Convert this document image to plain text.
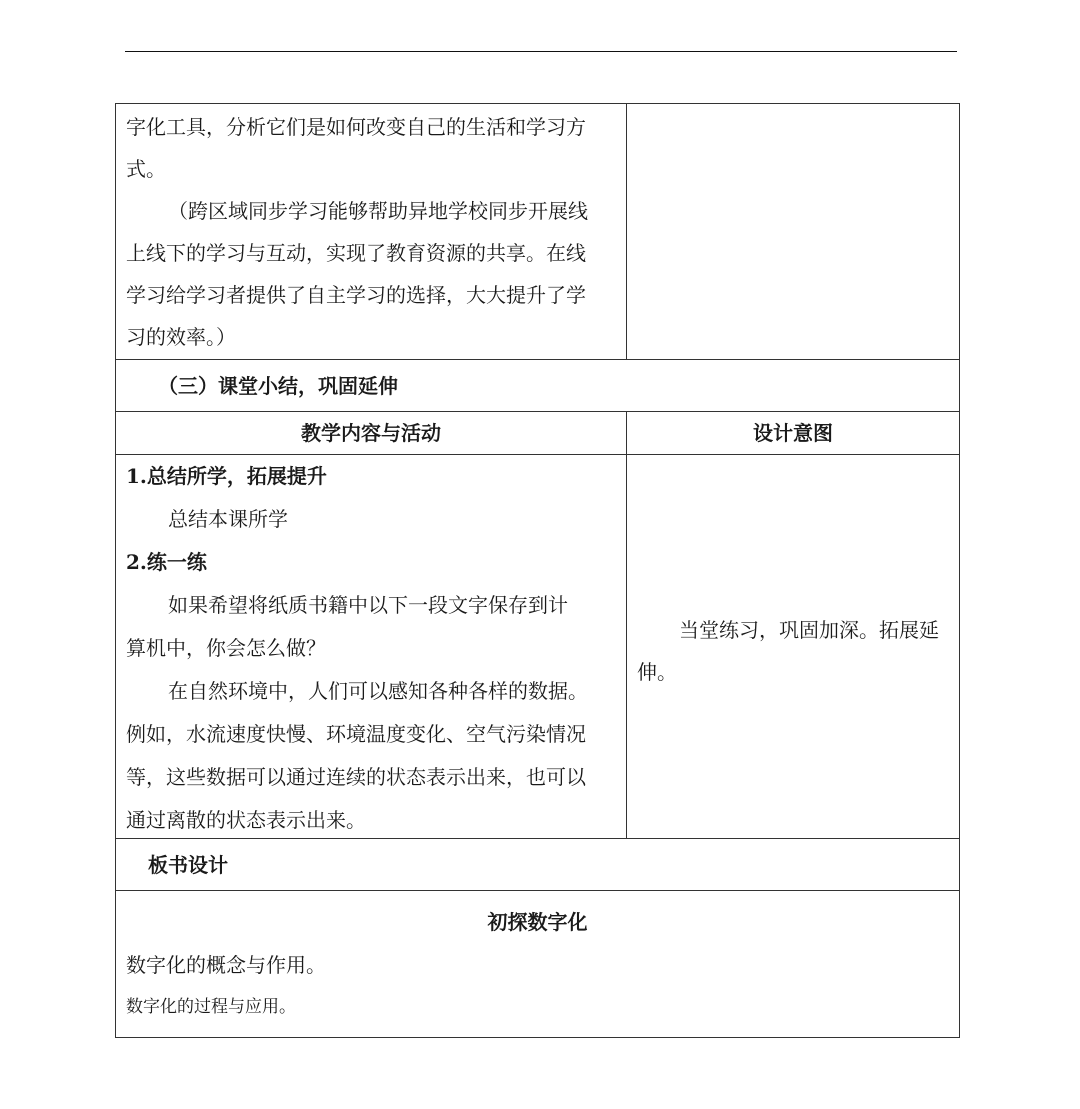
字化工具，分析它们是如何改变自己的生活和学习方
式。
（跨区域同步学习能够帮助异地学校同步开展线
上线下的学习与互动，实现了教育资源的共享。在线
学习给学习者提供了自主学习的选择，大大提升了学
习的效率。）
（三）课堂小结，巩固延伸
教学内容与活动	设计意图
1.总结所学，拓展提升
总结本课所学
2.练一练
如果希望将纸质书籍中以下一段文字保存到计
算机中，你会怎么做？
在自然环境中，人们可以感知各种各样的数据。
例如，水流速度快慢、环境温度变化、空气污染情况
等，这些数据可以通过连续的状态表示出来，也可以
通过离散的状态表示出来。
当堂练习，巩固加深。拓展延
伸。
板书设计
初探数字化
数字化的概念与作用。
数字化的过程与应用。
